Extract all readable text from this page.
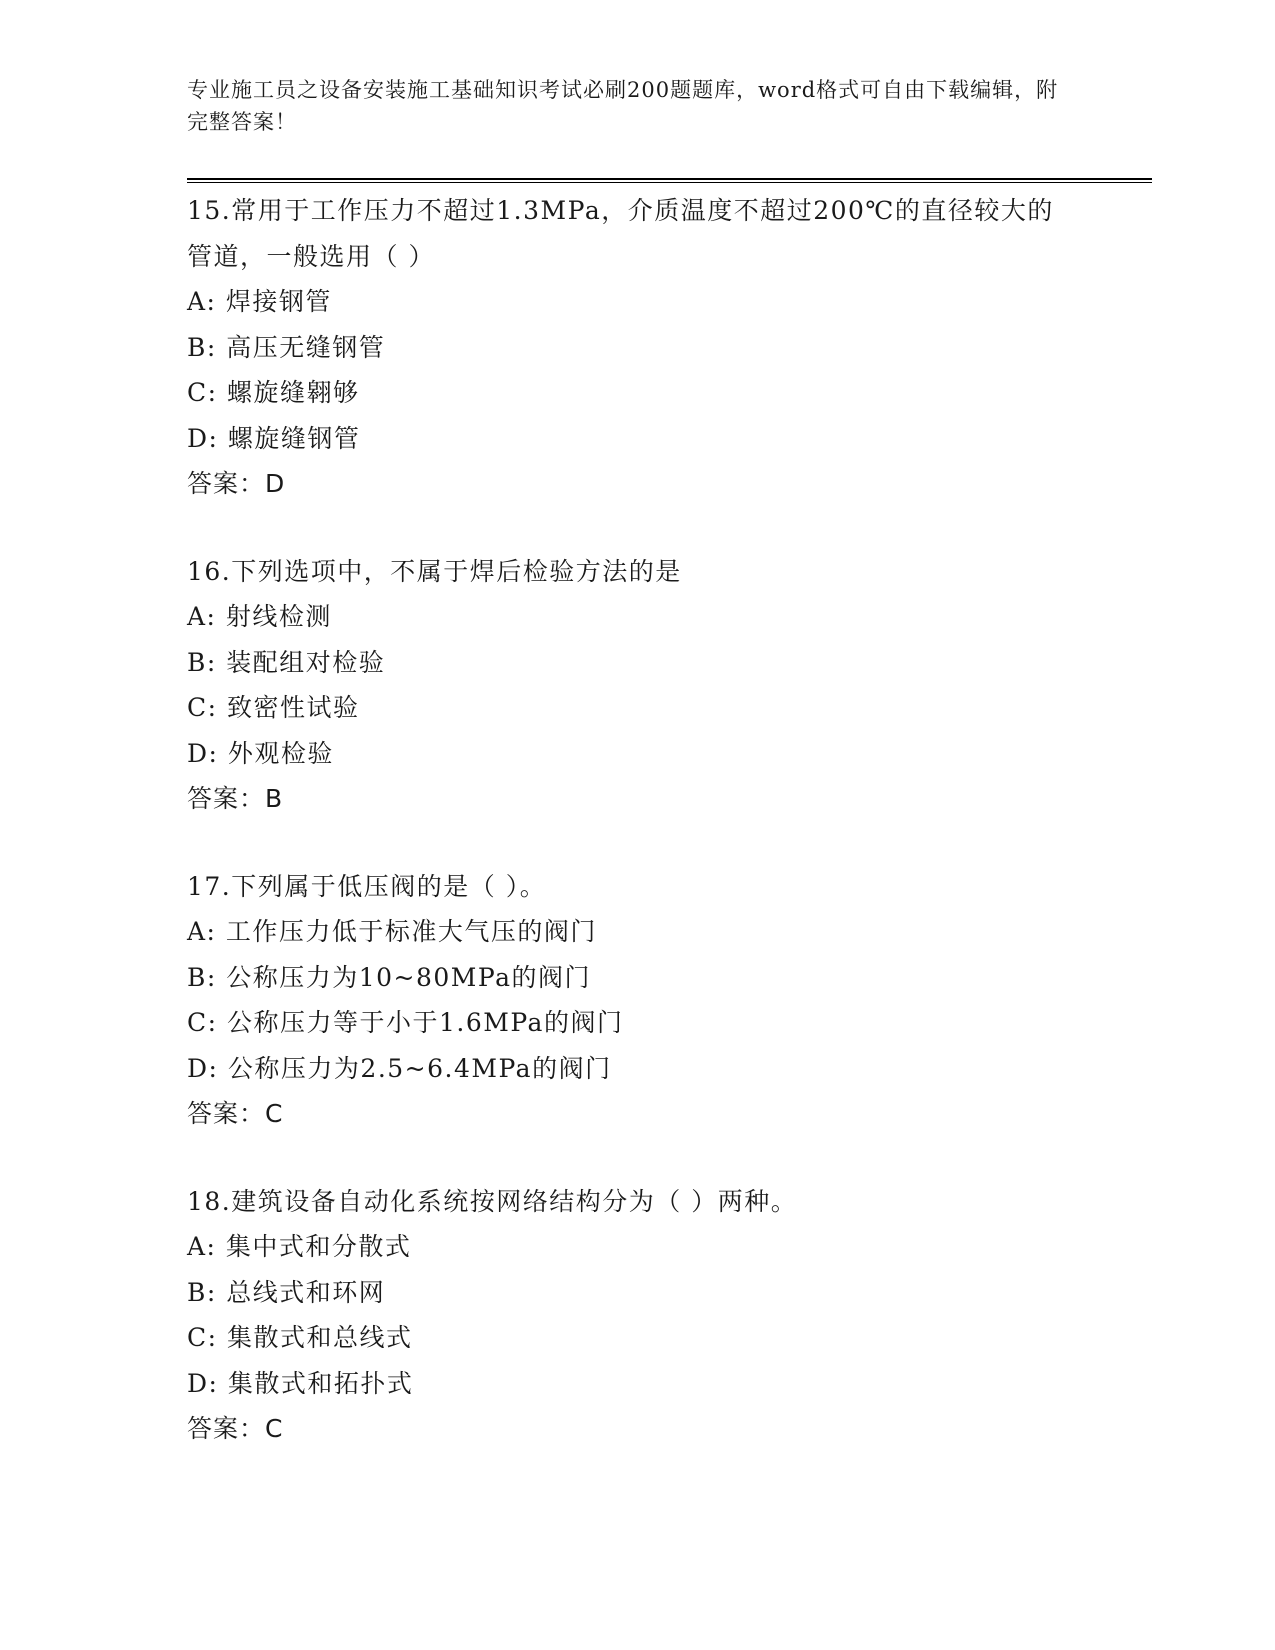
专业施工员之设备安装施工基础知识考试必刷200题题库，word格式可自由下载编辑，附完整答案！
15.常用于工作压力不超过1.3MPa，介质温度不超过200℃的直径较大的管道，一般选用（ ）
A: 焊接钢管
B: 高压无缝钢管
C: 螺旋缝翱够
D: 螺旋缝钢管
答案：D
16.下列选项中，不属于焊后检验方法的是
A: 射线检测
B: 装配组对检验
C: 致密性试验
D: 外观检验
答案：B
17.下列属于低压阀的是（ ）。
A: 工作压力低于标准大气压的阀门
B: 公称压力为10~80MPa的阀门
C: 公称压力等于小于1.6MPa的阀门
D: 公称压力为2.5~6.4MPa的阀门
答案：C
18.建筑设备自动化系统按网络结构分为（ ）两种。
A: 集中式和分散式
B: 总线式和环网
C: 集散式和总线式
D: 集散式和拓扑式
答案：C
